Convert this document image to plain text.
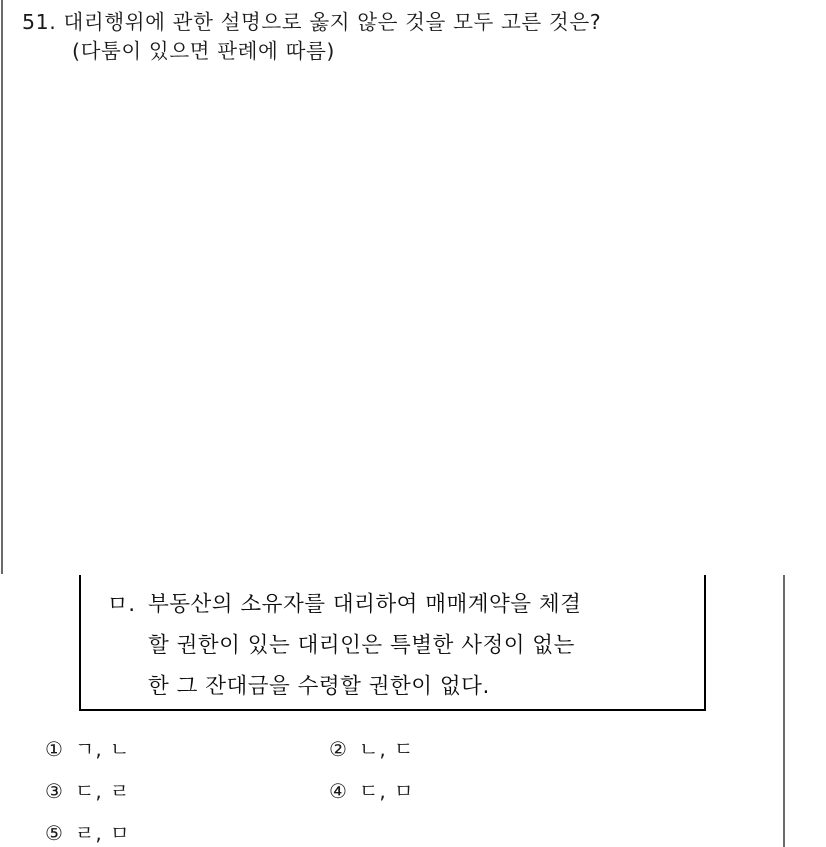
51. 대리행위에 관한 설명으로 옳지 않은 것을 모두 고른 것은?
(다툼이 있으면 판례에 따름)
ㅁ. 부동산의 소유자를 대리하여 매매계약을 체결
할 권한이 있는 대리인은 특별한 사정이 없는
한 그 잔대금을 수령할 권한이 없다.
① ㄱ, ㄴ	② ㄴ, ㄷ
③ ㄷ, ㄹ	④ ㄷ, ㅁ
⑤ ㄹ, ㅁ
